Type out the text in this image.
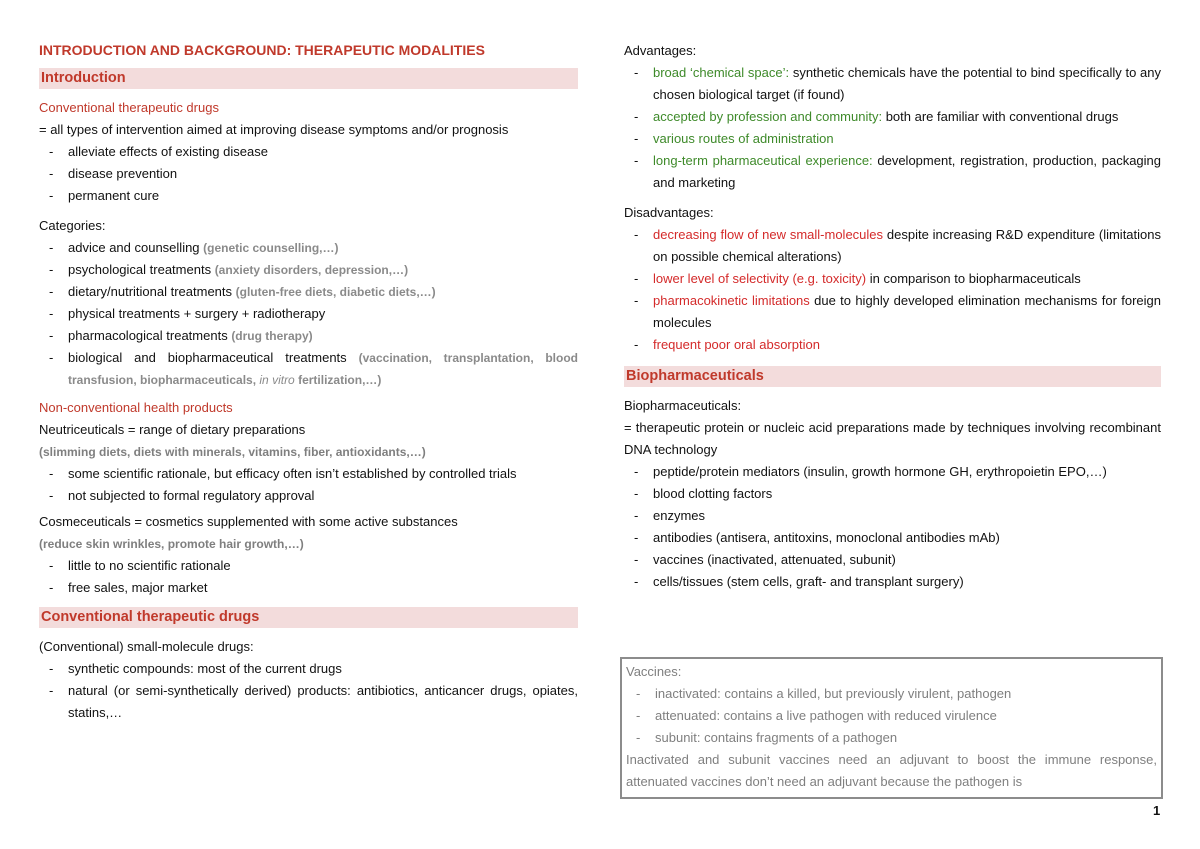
INTRODUCTION AND BACKGROUND: THERAPEUTIC MODALITIES
Introduction
Conventional therapeutic drugs

= all types of intervention aimed at improving disease symptoms and/or prognosis

- alleviate effects of existing disease
- disease prevention
- permanent cure

Categories:

- advice and counselling (genetic counselling,…)
- psychological treatments (anxiety disorders, depression,…)
- dietary/nutritional treatments (gluten-free diets, diabetic diets,…)
- physical treatments + surgery + radiotherapy
- pharmacological treatments (drug therapy)
- biological and biopharmaceutical treatments (vaccination, transplantation, blood transfusion, biopharmaceuticals, in vitro fertilization,…)
Non-conventional health products

Neutriceuticals = range of dietary preparations

(slimming diets, diets with minerals, vitamins, fiber, antioxidants,…)

- some scientific rationale, but efficacy often isn’t established by controlled trials
- not subjected to formal regulatory approval

Cosmeceuticals = cosmetics supplemented with some active substances

(reduce skin wrinkles, promote hair growth,…)

- little to no scientific rationale
- free sales, major market
Conventional therapeutic drugs

(Conventional) small-molecule drugs:

- synthetic compounds: most of the current drugs
- natural (or semi-synthetically derived) products: antibiotics, anticancer drugs, opiates, statins,…

Advantages:

- broad ‘chemical space’: synthetic chemicals have the potential to bind specifically to any chosen biological target (if found)
- accepted by profession and community: both are familiar with conventional drugs
- various routes of administration
- long-term pharmaceutical experience: development, registration, production, packaging and marketing

Disadvantages:

- decreasing flow of new small-molecules despite increasing R&D expenditure (limitations on possible chemical alterations)
- lower level of selectivity (e.g. toxicity) in comparison to biopharmaceuticals
- pharmacokinetic limitations due to highly developed elimination mechanisms for foreign molecules
- frequent poor oral absorption
Biopharmaceuticals

Biopharmaceuticals:

= therapeutic protein or nucleic acid preparations made by techniques involving recombinant DNA technology

- peptide/protein mediators (insulin, growth hormone GH, erythropoietin EPO,…)
- blood clotting factors
- enzymes
- antibodies (antisera, antitoxins, monoclonal antibodies mAb)
- vaccines (inactivated, attenuated, subunit)
- cells/tissues (stem cells, graft- and transplant surgery)

Vaccines:

- inactivated: contains a killed, but previously virulent, pathogen
- attenuated: contains a live pathogen with reduced virulence
- subunit: contains fragments of a pathogen

Inactivated and subunit vaccines need an adjuvant to boost the immune response, attenuated vaccines don’t need an adjuvant because the pathogen is

1
